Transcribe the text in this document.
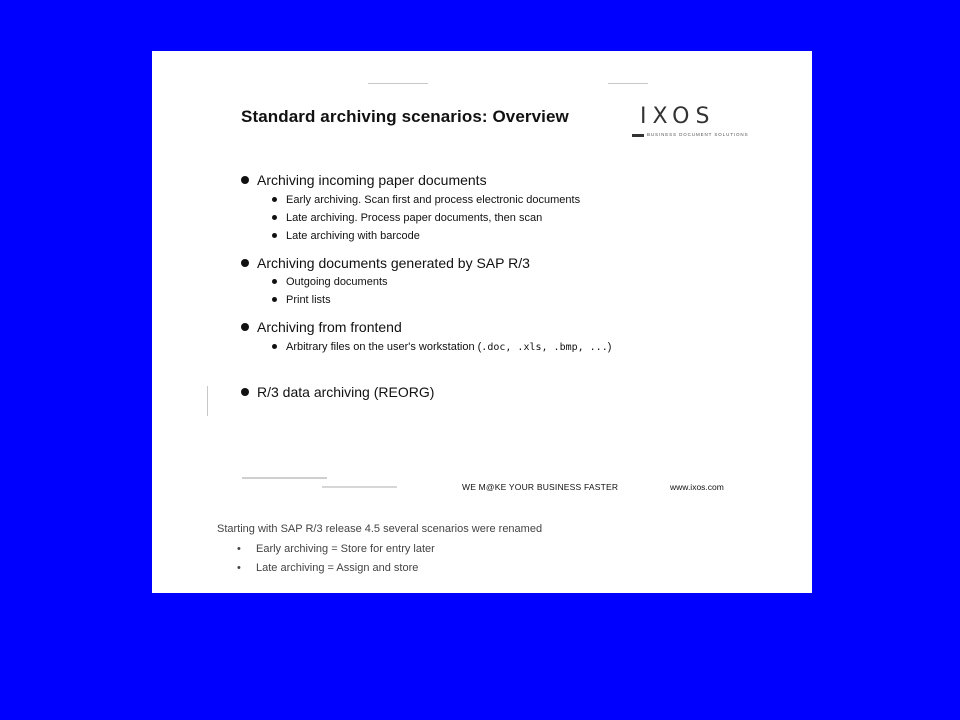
Standard archiving scenarios: Overview	IXOS
BUSINESS DOCUMENT SOLUTIONS
Archiving incoming paper documents
Early archiving. Scan first and process electronic documents
Late archiving. Process paper documents, then scan
Late archiving with barcode
Archiving documents generated by SAP R/3
Outgoing documents
Print lists
Archiving from frontend
Arbitrary files on the user's workstation (.doc, .xls, .bmp, ...)
R/3 data archiving (REORG)
WE M@KE YOUR BUSINESS FASTER	www.ixos.com
Starting with SAP R/3 release 4.5 several scenarios were renamed
• Early archiving = Store for entry later
• Late archiving = Assign and store
